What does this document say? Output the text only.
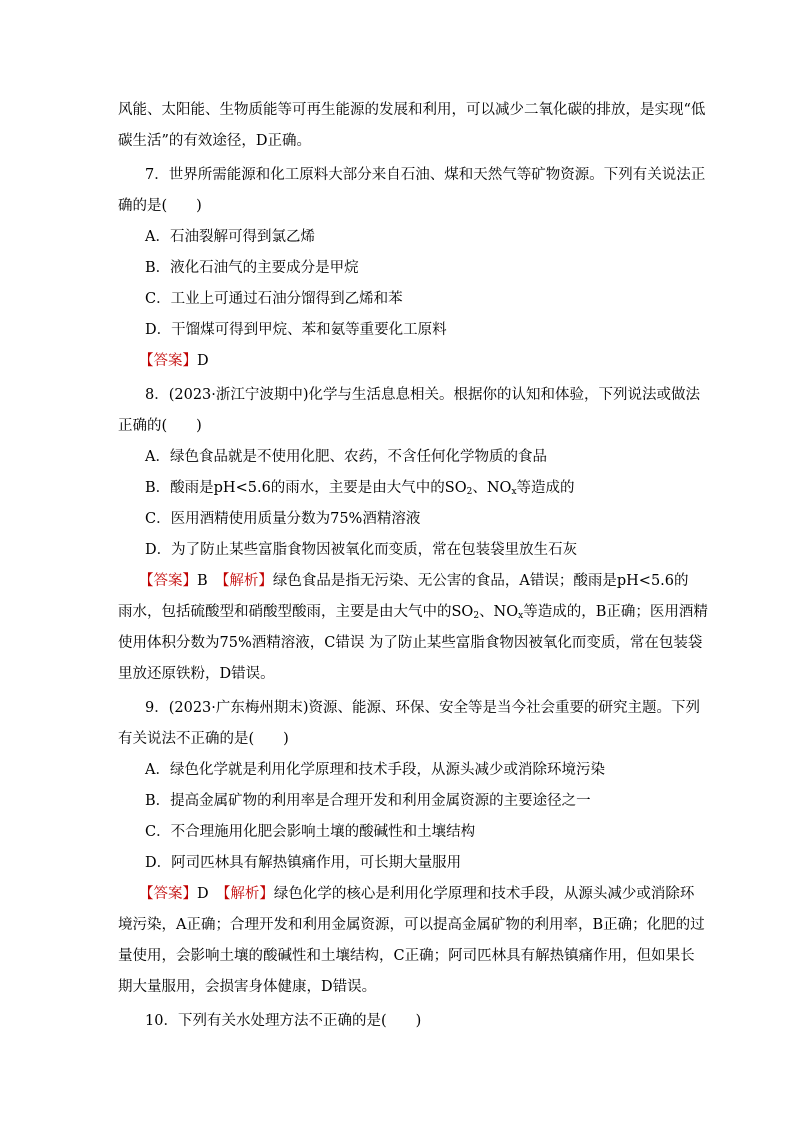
风能、太阳能、生物质能等可再生能源的发展和利用，可以减少二氧化碳的排放，是实现“低

碳生活”的有效途径，D正确。

7．世界所需能源和化工原料大部分来自石油、煤和天然气等矿物资源。下列有关说法正

确的是(　　)

A．石油裂解可得到氯乙烯

B．液化石油气的主要成分是甲烷

C．工业上可通过石油分馏得到乙烯和苯

D．干馏煤可得到甲烷、苯和氨等重要化工原料

【答案】D

8．(2023·浙江宁波期中)化学与生活息息相关。根据你的认知和体验，下列说法或做法

正确的(　　)

A．绿色食品就是不使用化肥、农药，不含任何化学物质的食品

B．酸雨是pH<5.6的雨水，主要是由大气中的$SO_2$、$NO_x$等造成的

C．医用酒精使用质量分数为75%酒精溶液

D．为了防止某些富脂食物因被氧化而变质，常在包装袋里放生石灰

【答案】B　【解析】绿色食品是指无污染、无公害的食品，A错误；酸雨是pH<5.6的

雨水，包括硫酸型和硝酸型酸雨，主要是由大气中的$SO_2$、$NO_x$等造成的，B正确；医用酒精

使用体积分数为75%酒精溶液，C错误 为了防止某些富脂食物因被氧化而变质，常在包装袋

里放还原铁粉，D错误。

9．(2023·广东梅州期末)资源、能源、环保、安全等是当今社会重要的研究主题。下列

有关说法不正确的是(　　)

A．绿色化学就是利用化学原理和技术手段，从源头减少或消除环境污染

B．提高金属矿物的利用率是合理开发和利用金属资源的主要途径之一

C．不合理施用化肥会影响土壤的酸碱性和土壤结构

D．阿司匹林具有解热镇痛作用，可长期大量服用

【答案】D　【解析】绿色化学的核心是利用化学原理和技术手段，从源头减少或消除环

境污染，A正确；合理开发和利用金属资源，可以提高金属矿物的利用率，B正确；化肥的过

量使用，会影响土壤的酸碱性和土壤结构，C正确；阿司匹林具有解热镇痛作用，但如果长

期大量服用，会损害身体健康，D错误。

10．下列有关水处理方法不正确的是(　　)
